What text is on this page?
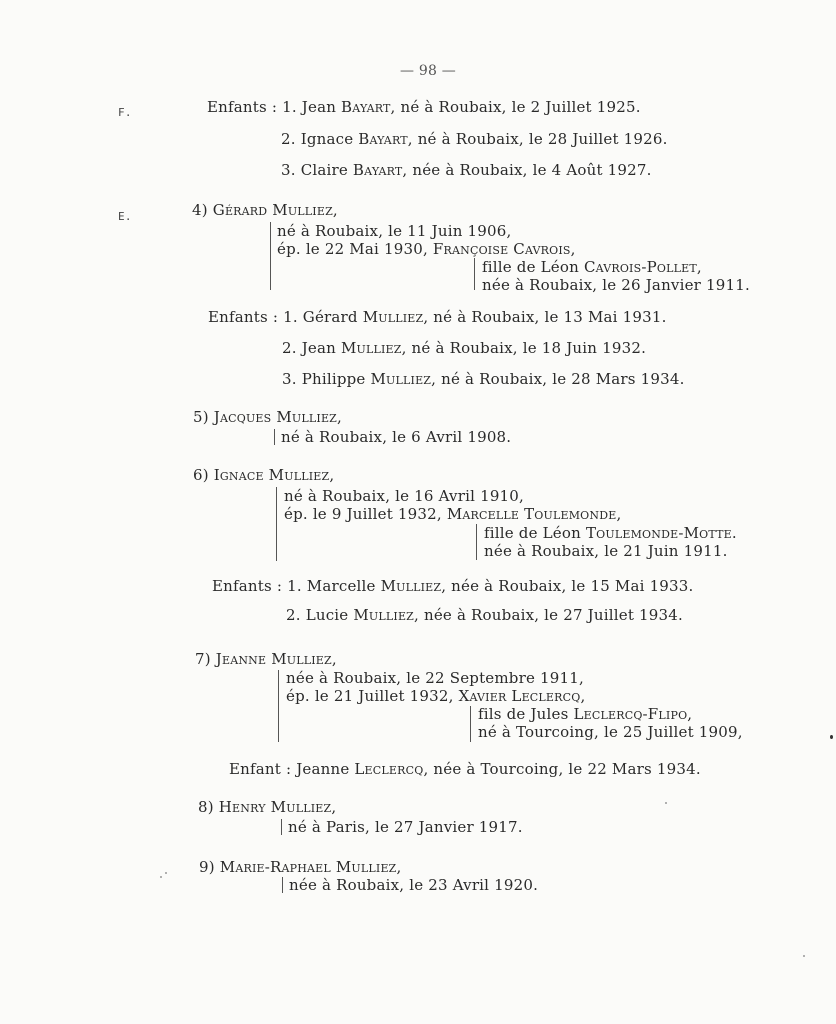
— 98 —
F.
E.
Enfants : 1. Jean Bayart, né à Roubaix, le 2 Juillet 1925.
2. Ignace Bayart, né à Roubaix, le 28 Juillet 1926.
3. Claire Bayart, née à Roubaix, le 4 Août 1927.
4) Gérard Mulliez,
né à Roubaix, le 11 Juin 1906,
ép. le 22 Mai 1930, Françoise Cavrois,
fille de Léon Cavrois-Pollet,
née à Roubaix, le 26 Janvier 1911.
Enfants : 1. Gérard Mulliez, né à Roubaix, le 13 Mai 1931.
2. Jean Mulliez, né à Roubaix, le 18 Juin 1932.
3. Philippe Mulliez, né à Roubaix, le 28 Mars 1934.
5) Jacques Mulliez,
né à Roubaix, le 6 Avril 1908.
6) Ignace Mulliez,
né à Roubaix, le 16 Avril 1910,
ép. le 9 Juillet 1932, Marcelle Toulemonde,
fille de Léon Toulemonde-Motte.
née à Roubaix, le 21 Juin 1911.
Enfants : 1. Marcelle Mulliez, née à Roubaix, le 15 Mai 1933.
2. Lucie Mulliez, née à Roubaix, le 27 Juillet 1934.
7) Jeanne Mulliez,
née à Roubaix, le 22 Septembre 1911,
ép. le 21 Juillet 1932, Xavier Leclercq,
fils de Jules Leclercq-Flipo,
né à Tourcoing, le 25 Juillet 1909,
Enfant : Jeanne Leclercq, née à Tourcoing, le 22 Mars 1934.
8) Henry Mulliez,
né à Paris, le 27 Janvier 1917.
9) Marie-Raphael Mulliez,
née à Roubaix, le 23 Avril 1920.
